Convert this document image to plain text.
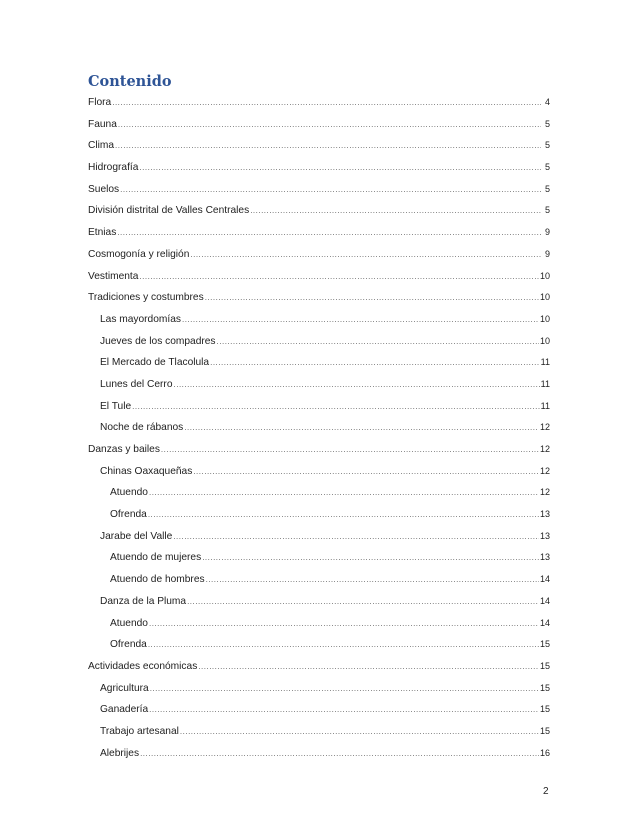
Contenido
Flora .....	4
Fauna .....	5
Clima .....	5
Hidrografía .....	5
Suelos .....	5
División distrital de Valles Centrales .....	5
Etnias .....	9
Cosmogonía y religión .....	9
Vestimenta .....	10
Tradiciones y costumbres .....	10
Las mayordomías .....	10
Jueves de los compadres .....	10
El Mercado de Tlacolula .....	11
Lunes del Cerro .....	11
El Tule .....	11
Noche de rábanos .....	12
Danzas y bailes .....	12
Chinas Oaxaqueñas .....	12
Atuendo .....	12
Ofrenda .....	13
Jarabe del Valle .....	13
Atuendo de mujeres .....	13
Atuendo de hombres .....	14
Danza de la Pluma .....	14
Atuendo .....	14
Ofrenda .....	15
Actividades económicas .....	15
Agricultura .....	15
Ganadería .....	15
Trabajo artesanal .....	15
Alebrijes .....	16
2
